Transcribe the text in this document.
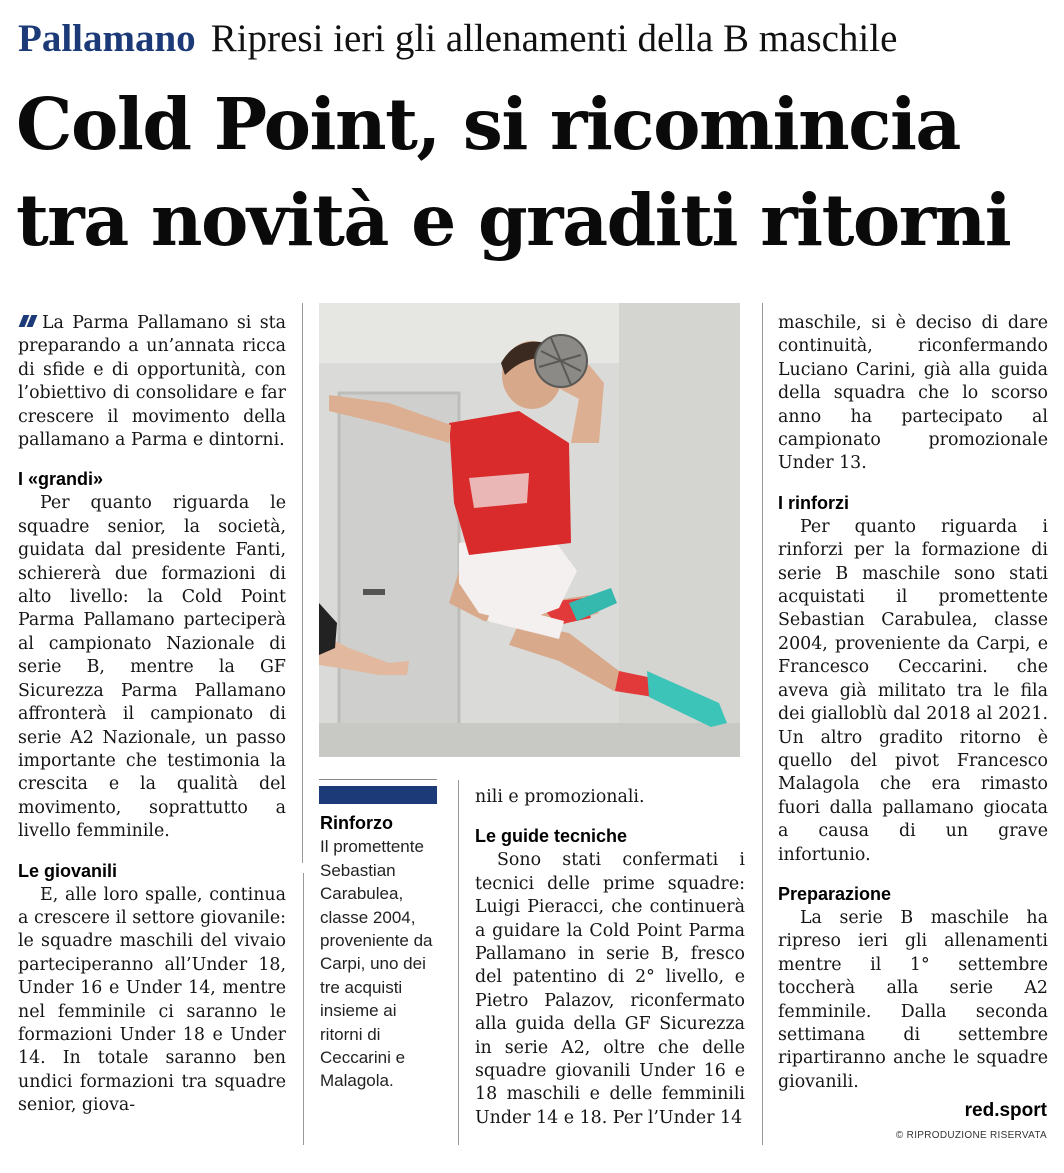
Pallamano Ripresi ieri gli allenamenti della B maschile
Cold Point, si ricomincia
tra novità e graditi ritorni

La Parma Pallamano si sta preparando a un’annata ricca di sfide e di opportunità, con l’obiettivo di consolidare e far crescere il movimento della pallamano a Parma e dintorni.

I «grandi»

Per quanto riguarda le squadre senior, la società, guidata dal presidente Fanti, schiererà due formazioni di alto livello: la Cold Point Parma Pallamano parteciperà al campionato Nazionale di serie B, mentre la GF Sicurezza Parma Pallamano affronterà il campionato di serie A2 Nazionale, un passo importante che testimonia la crescita e la qualità del movimento, soprattutto a livello femminile.

Le giovanili

E, alle loro spalle, continua a crescere il settore giovanile: le squadre maschili del vivaio parteciperanno all’Under 18, Under 16 e Under 14, mentre nel femminile ci saranno le formazioni Under 18 e Under 14. In totale saranno ben undici formazioni tra squadre senior, giova-

Rinforzo
Il promettente Sebastian Carabulea, classe 2004, proveniente da Carpi, uno dei tre acquisti insieme ai ritorni di Ceccarini e Malagola.

nili e promozionali.

Le guide tecniche

Sono stati confermati i tecnici delle prime squadre: Luigi Pieracci, che continuerà a guidare la Cold Point Parma Pallamano in serie B, fresco del patentino di 2° livello, e Pietro Palazov, riconfermato alla guida della GF Sicurezza in serie A2, oltre che delle squadre giovanili Under 16 e 18 maschili e delle femminili Under 14 e 18. Per l’Under 14

maschile, si è deciso di dare continuità, riconfermando Luciano Carini, già alla guida della squadra che lo scorso anno ha partecipato al campionato promozionale Under 13.

I rinforzi

Per quanto riguarda i rinforzi per la formazione di serie B maschile sono stati acquistati il promettente Sebastian Carabulea, classe 2004, proveniente da Carpi, e Francesco Ceccarini. che aveva già militato tra le fila dei gialloblù dal 2018 al 2021. Un altro gradito ritorno è quello del pivot Francesco Malagola che era rimasto fuori dalla pallamano giocata a causa di un grave infortunio.

Preparazione

La serie B maschile ha ripreso ieri gli allenamenti mentre il 1° settembre toccherà alla serie A2 femminile. Dalla seconda settimana di settembre ripartiranno anche le squadre giovanili.

red.sport
© RIPRODUZIONE RISERVATA
